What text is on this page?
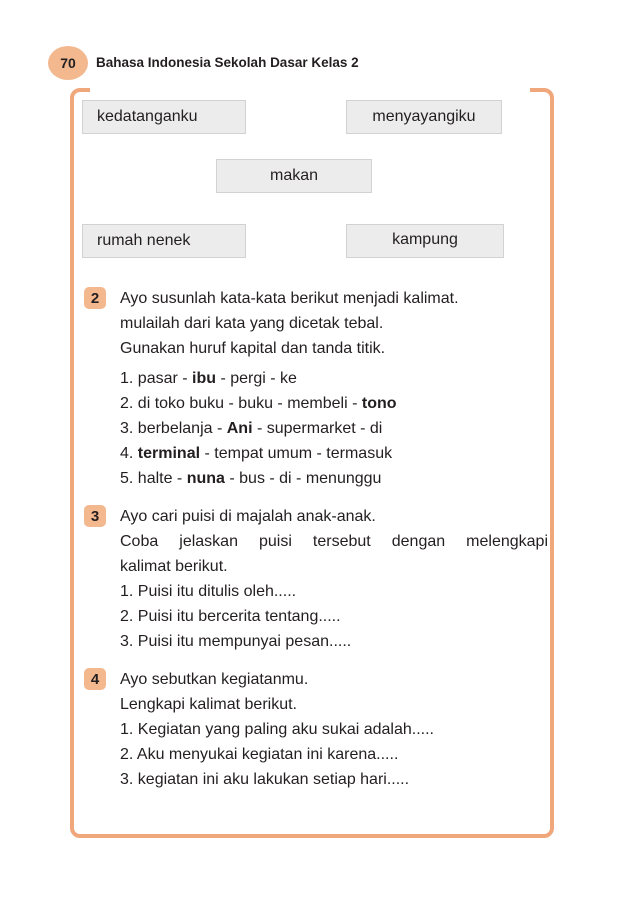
70 Bahasa Indonesia Sekolah Dasar Kelas 2
kedatanganku	menyayangiku
makan
rumah nenek	kampung
2 Ayo susunlah kata-kata berikut menjadi kalimat.
mulailah dari kata yang dicetak tebal.
Gunakan huruf kapital dan tanda titik.
1. pasar - ibu - pergi - ke
2. di toko buku - buku - membeli - tono
3. berbelanja - Ani - supermarket - di
4. terminal - tempat umum - termasuk
5. halte - nuna - bus - di - menunggu
3 Ayo cari puisi di majalah anak-anak.
Coba jelaskan puisi tersebut dengan melengkapi
kalimat berikut.
1. Puisi itu ditulis oleh.....
2. Puisi itu bercerita tentang.....
3. Puisi itu mempunyai pesan.....
4 Ayo sebutkan kegiatanmu.
Lengkapi kalimat berikut.
1. Kegiatan yang paling aku sukai adalah.....
2. Aku menyukai kegiatan ini karena.....
3. kegiatan ini aku lakukan setiap hari.....
